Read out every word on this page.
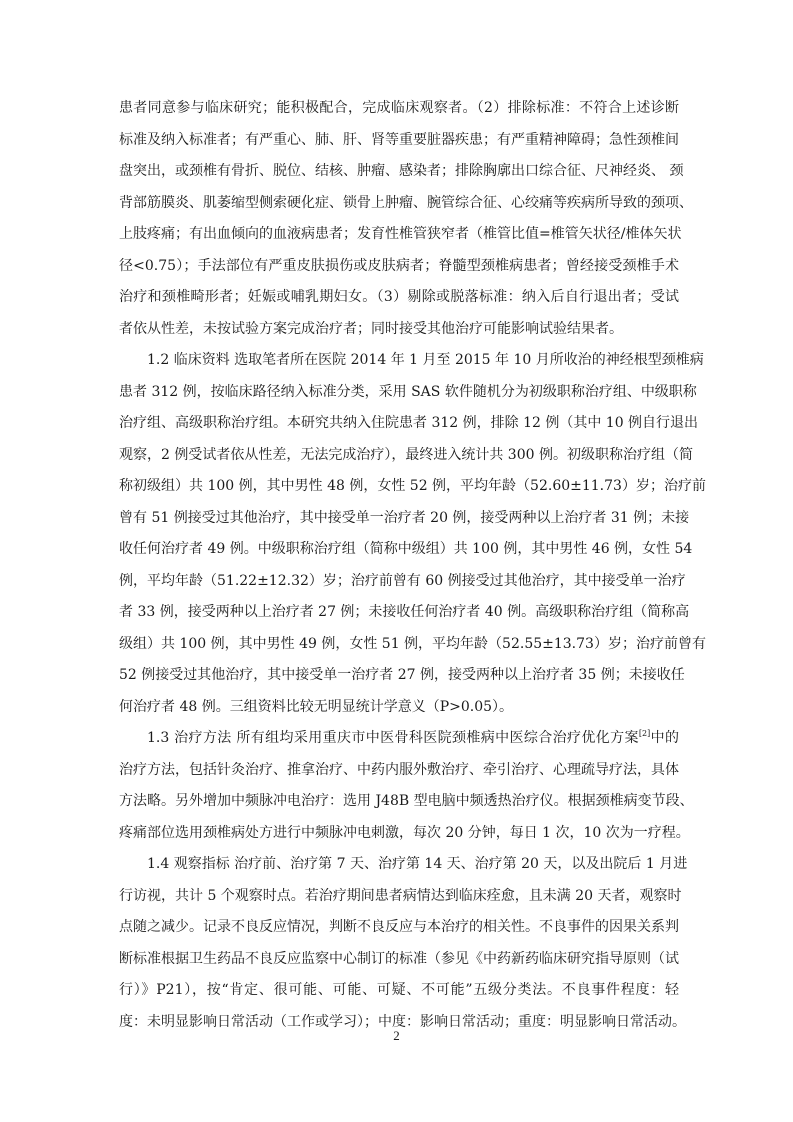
患者同意参与临床研究；能积极配合，完成临床观察者。（2）排除标准：不符合上述诊断
标准及纳入标准者；有严重心、肺、肝、肾等重要脏器疾患；有严重精神障碍；急性颈椎间
盘突出，或颈椎有骨折、脱位、结核、肿瘤、感染者；排除胸廓出口综合征、尺神经炎、 颈
背部筋膜炎、肌萎缩型侧索硬化症、锁骨上肿瘤、腕管综合征、心绞痛等疾病所导致的颈项、
上肢疼痛；有出血倾向的血液病患者；发育性椎管狭窄者（椎管比值=椎管矢状径/椎体矢状
径<0.75）；手法部位有严重皮肤损伤或皮肤病者；脊髓型颈椎病患者；曾经接受颈椎手术
治疗和颈椎畸形者；妊娠或哺乳期妇女。（3）剔除或脱落标准：纳入后自行退出者；受试
者依从性差，未按试验方案完成治疗者；同时接受其他治疗可能影响试验结果者。
1.2 临床资料 选取笔者所在医院 2014 年 1 月至 2015 年 10 月所收治的神经根型颈椎病
患者 312 例，按临床路径纳入标准分类，采用 SAS 软件随机分为初级职称治疗组、中级职称
治疗组、高级职称治疗组。本研究共纳入住院患者 312 例，排除 12 例（其中 10 例自行退出
观察，2 例受试者依从性差，无法完成治疗），最终进入统计共 300 例。初级职称治疗组（简
称初级组）共 100 例，其中男性 48 例，女性 52 例，平均年龄（52.60±11.73）岁；治疗前
曾有 51 例接受过其他治疗，其中接受单一治疗者 20 例，接受两种以上治疗者 31 例；未接
收任何治疗者 49 例。中级职称治疗组（简称中级组）共 100 例，其中男性 46 例，女性 54
例，平均年龄（51.22±12.32）岁；治疗前曾有 60 例接受过其他治疗，其中接受单一治疗
者 33 例，接受两种以上治疗者 27 例；未接收任何治疗者 40 例。高级职称治疗组（简称高
级组）共 100 例，其中男性 49 例，女性 51 例，平均年龄（52.55±13.73）岁；治疗前曾有
52 例接受过其他治疗，其中接受单一治疗者 27 例，接受两种以上治疗者 35 例；未接收任
何治疗者 48 例。三组资料比较无明显统计学意义（P>0.05）。
1.3 治疗方法 所有组均采用重庆市中医骨科医院颈椎病中医综合治疗优化方案[2]中的
治疗方法，包括针灸治疗、推拿治疗、中药内服外敷治疗、牵引治疗、心理疏导疗法，具体
方法略。另外增加中频脉冲电治疗：选用 J48B 型电脑中频透热治疗仪。根据颈椎病变节段、
疼痛部位选用颈椎病处方进行中频脉冲电刺激，每次 20 分钟，每日 1 次，10 次为一疗程。
1.4 观察指标 治疗前、治疗第 7 天、治疗第 14 天、治疗第 20 天，以及出院后 1 月进
行访视，共计 5 个观察时点。若治疗期间患者病情达到临床痊愈，且未满 20 天者，观察时
点随之减少。记录不良反应情况，判断不良反应与本治疗的相关性。不良事件的因果关系判
断标准根据卫生药品不良反应监察中心制订的标准（参见《中药新药临床研究指导原则（试
行）》P21），按“肯定、很可能、可能、可疑、不可能”五级分类法。不良事件程度：轻
度：未明显影响日常活动（工作或学习）；中度：影响日常活动；重度：明显影响日常活动。
2
